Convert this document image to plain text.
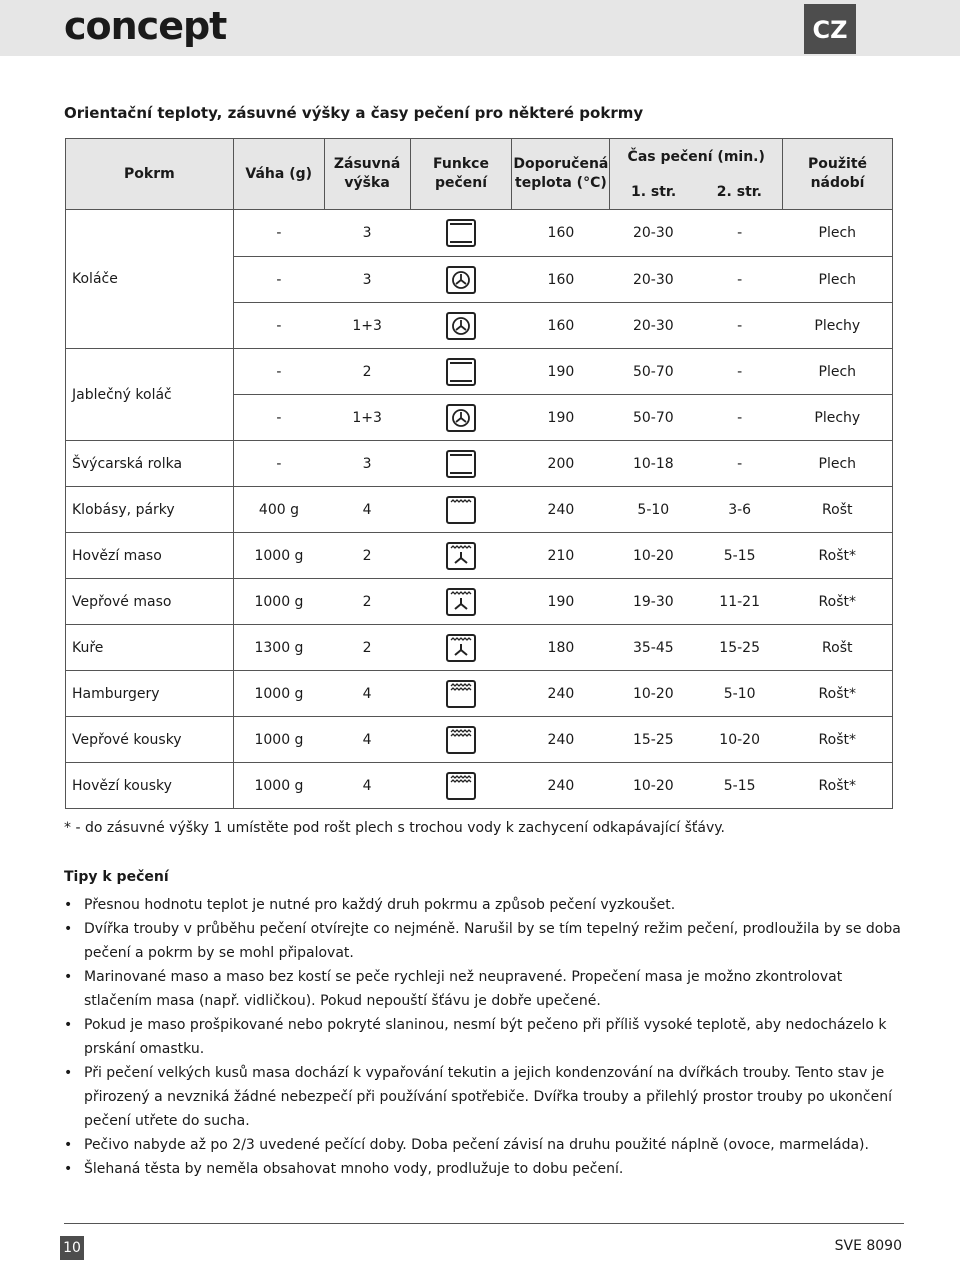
concept	CZ
Orientační teploty, zásuvné výšky a časy pečení pro některé pokrmy
Pokrm	Váha (g)	Zásuvná výška	Funkce pečení	Doporučená teplota (°C)	Čas pečení (min.)		Použité nádobí
					1. str.	2. str.	
Koláče	-	3		160	20-30	-	Plech
	-	3		160	20-30	-	Plech
	-	1+3		160	20-30	-	Plechy
Jablečný koláč	-	2		190	50-70	-	Plech
	-	1+3		190	50-70	-	Plechy
Švýcarská rolka	-	3		200	10-18	-	Plech
Klobásy, párky	400 g	4		240	5-10	3-6	Rošt
Hovězí maso	1000 g	2		210	10-20	5-15	Rošt*
Vepřové maso	1000 g	2		190	19-30	11-21	Rošt*
Kuře	1300 g	2		180	35-45	15-25	Rošt
Hamburgery	1000 g	4		240	10-20	5-10	Rošt*
Vepřové kousky	1000 g	4		240	15-25	10-20	Rošt*
Hovězí kousky	1000 g	4		240	10-20	5-15	Rošt*
* - do zásuvné výšky 1 umístěte pod rošt plech s trochou vody k zachycení odkapávající šťávy.
Tipy k pečení
• Přesnou hodnotu teplot je nutné pro každý druh pokrmu a způsob pečení vyzkoušet.
• Dvířka trouby v průběhu pečení otvírejte co nejméně. Narušil by se tím tepelný režim pečení, prodloužila by se doba pečení a pokrm by se mohl připalovat.
• Marinované maso a maso bez kostí se peče rychleji než neupravené. Propečení masa je možno zkontrolovat stlačením masa (např. vidličkou). Pokud nepouští šťávu je dobře upečené.
• Pokud je maso prošpikované nebo pokryté slaninou, nesmí být pečeno při příliš vysoké teplotě, aby nedocházelo k prskání omastku.
• Při pečení velkých kusů masa dochází k vypařování tekutin a jejich kondenzování na dvířkách trouby. Tento stav je přirozený a nevzniká žádné nebezpečí při používání spotřebiče. Dvířka trouby a přilehlý prostor trouby po ukončení pečení utřete do sucha.
• Pečivo nabyde až po 2/3 uvedené pečící doby. Doba pečení závisí na druhu použité náplně (ovoce, marmeláda).
• Šlehaná těsta by neměla obsahovat mnoho vody, prodlužuje to dobu pečení.
10	SVE 8090
